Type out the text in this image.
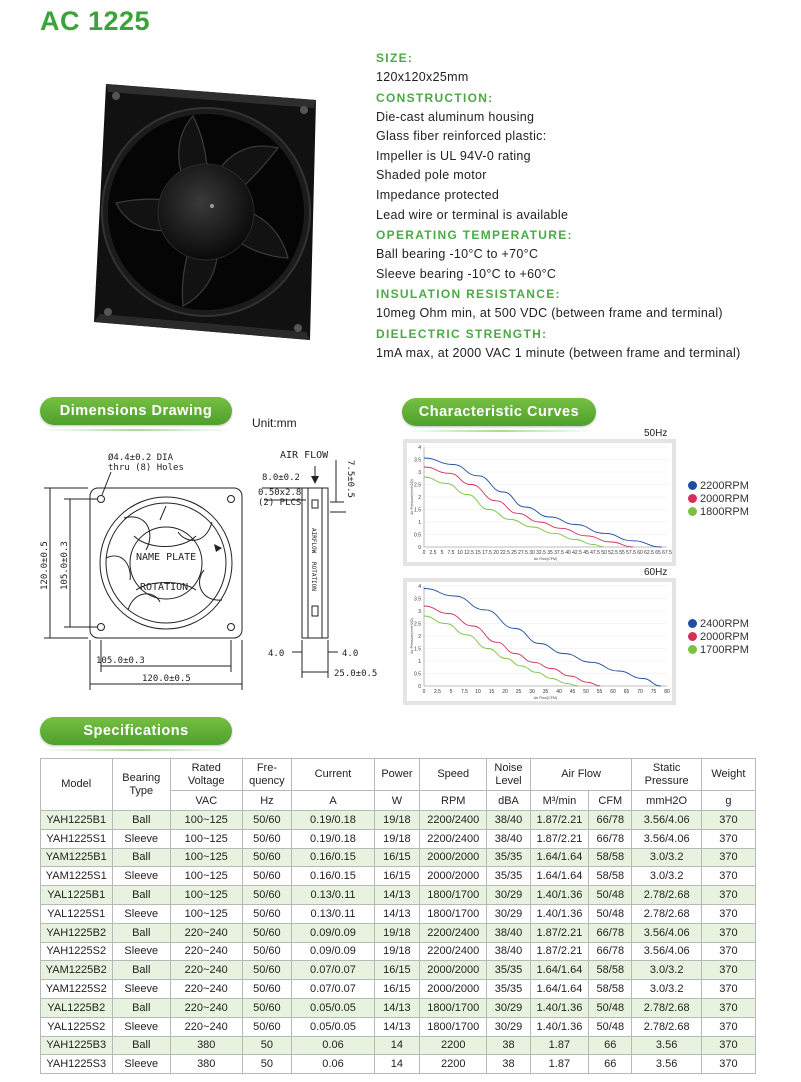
AC 1225
SIZE:
120x120x25mm
CONSTRUCTION:
Die-cast aluminum housing
Glass fiber reinforced plastic:
Impeller is UL 94V-0 rating
Shaded pole motor
Impedance protected
Lead wire or terminal is available
OPERATING TEMPERATURE:
Ball bearing -10°C to +70°C
Sleeve bearing -10°C to +60°C
INSULATION RESISTANCE:
10meg Ohm min, at 500 VDC (between frame and terminal)
DIELECTRIC STRENGTH:
1mA max, at 2000 VAC 1 minute (between frame and terminal)
Dimensions Drawing	Characteristic Curves
Specifications
Unit:mm
Ø4.4±0.2 DIA
thru (8) Holes
AIR FLOW
8.0±0.2
0.50x2.8
(2) PLCS
NAME PLATE
ROTATION
105.0±0.3
120.0±0.5
4.0	4.0
25.0±0.5
120.0±0.5 105.0±0.3
7.5±0.5
AIRFLOW
ROTATION
50Hz
0
0.5
1
1.5
2
2.5
3
3.5
4
0 2.5 5 7.5 10 12.5 15 17.5 20 22.5 25 27.5 30 32.5 35 37.5 40 42.5 45 47.5 50 52.5 55 57.5 60 62.5 65 67.5
Air Flow(CFM)
Air Pressure(mmH2O)
60Hz
0
0.5
1
1.5
2
2.5
3
3.5
4
0 2.5 5 7.5 10 15 20 25 30 35 40 45 50 55 60 65 70 75 80
Air Flow(CFM)
Air Pressure(mmH2O)
2200RPM
2000RPM
1800RPM
2400RPM
2000RPM
1700RPM
Model	Bearing Type	Rated Voltage	Fre-quency	Current	Power	Speed	Noise Level	Air Flow		Static Pressure	Weight
		VAC	Hz	A	W	RPM	dBA	M³/min	CFM	mmH2O	g
YAH1225B1	Ball	100~125	50/60	0.19/0.18	19/18	2200/2400	38/40	1.87/2.21	66/78	3.56/4.06	370
YAH1225S1	Sleeve	100~125	50/60	0.19/0.18	19/18	2200/2400	38/40	1.87/2.21	66/78	3.56/4.06	370
YAM1225B1	Ball	100~125	50/60	0.16/0.15	16/15	2000/2000	35/35	1.64/1.64	58/58	3.0/3.2	370
YAM1225S1	Sleeve	100~125	50/60	0.16/0.15	16/15	2000/2000	35/35	1.64/1.64	58/58	3.0/3.2	370
YAL1225B1	Ball	100~125	50/60	0.13/0.11	14/13	1800/1700	30/29	1.40/1.36	50/48	2.78/2.68	370
YAL1225S1	Sleeve	100~125	50/60	0.13/0.11	14/13	1800/1700	30/29	1.40/1.36	50/48	2.78/2.68	370
YAH1225B2	Ball	220~240	50/60	0.09/0.09	19/18	2200/2400	38/40	1.87/2.21	66/78	3.56/4.06	370
YAH1225S2	Sleeve	220~240	50/60	0.09/0.09	19/18	2200/2400	38/40	1.87/2.21	66/78	3.56/4.06	370
YAM1225B2	Ball	220~240	50/60	0.07/0.07	16/15	2000/2000	35/35	1.64/1.64	58/58	3.0/3.2	370
YAM1225S2	Sleeve	220~240	50/60	0.07/0.07	16/15	2000/2000	35/35	1.64/1.64	58/58	3.0/3.2	370
YAL1225B2	Ball	220~240	50/60	0.05/0.05	14/13	1800/1700	30/29	1.40/1.36	50/48	2.78/2.68	370
YAL1225S2	Sleeve	220~240	50/60	0.05/0.05	14/13	1800/1700	30/29	1.40/1.36	50/48	2.78/2.68	370
YAH1225B3	Ball	380	50	0.06	14	2200	38	1.87	66	3.56	370
YAH1225S3	Sleeve	380	50	0.06	14	2200	38	1.87	66	3.56	370
